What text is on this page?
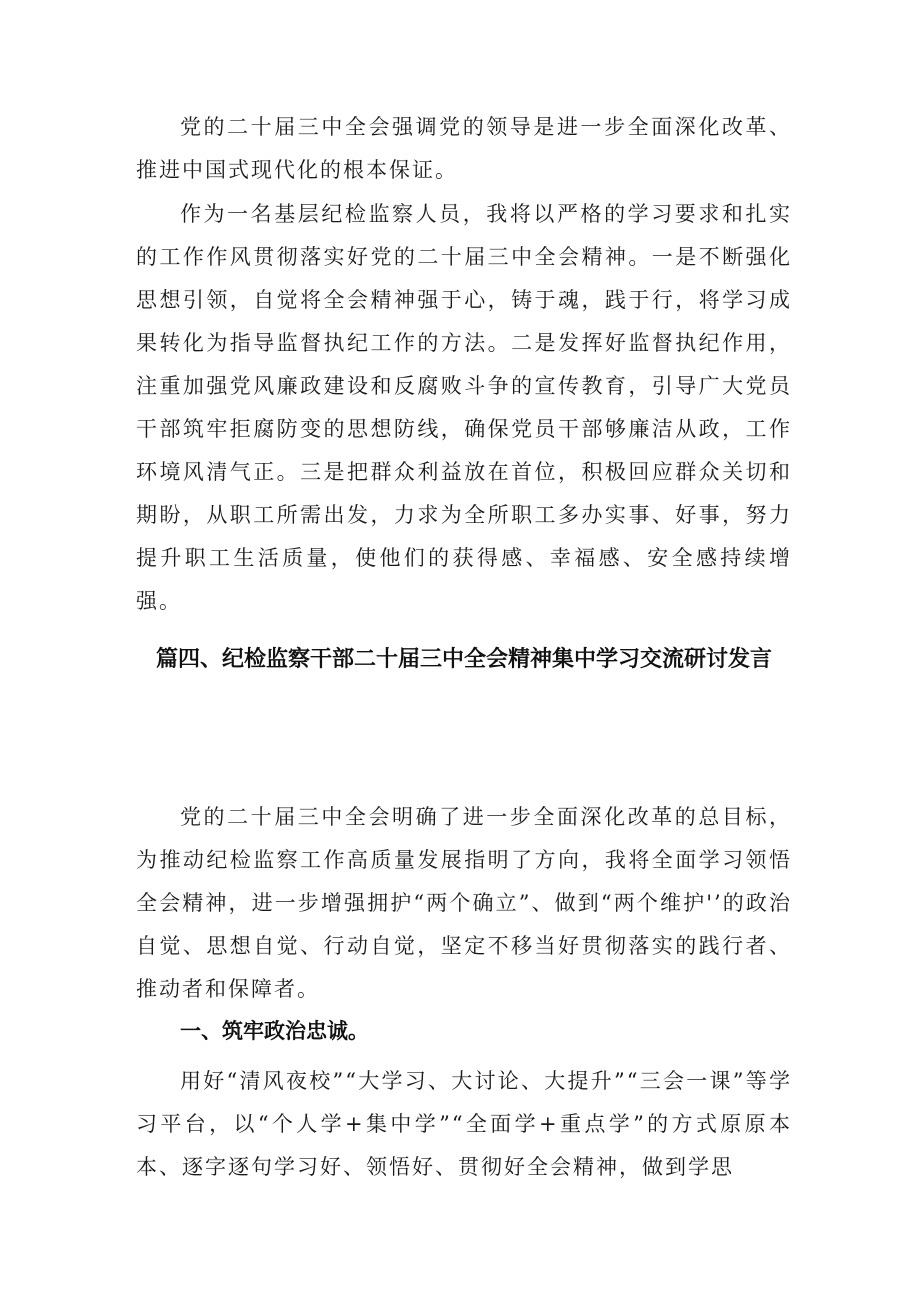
党的二十届三中全会强调党的领导是进一步全面深化改革、推进中国式现代化的根本保证。

作为一名基层纪检监察人员，我将以严格的学习要求和扎实的工作作风贯彻落实好党的二十届三中全会精神。一是不断强化思想引领，自觉将全会精神强于心，铸于魂，践于行，将学习成果转化为指导监督执纪工作的方法。二是发挥好监督执纪作用，注重加强党风廉政建设和反腐败斗争的宣传教育，引导广大党员干部筑牢拒腐防变的思想防线，确保党员干部够廉洁从政，工作环境风清气正。三是把群众利益放在首位，积极回应群众关切和期盼，从职工所需出发，力求为全所职工多办实事、好事，努力提升职工生活质量，使他们的获得感、幸福感、安全感持续增强。

篇四、纪检监察干部二十届三中全会精神集中学习交流研讨发言

党的二十届三中全会明确了进一步全面深化改革的总目标，为推动纪检监察工作高质量发展指明了方向，我将全面学习领悟全会精神，进一步增强拥护“两个确立”、做到“两个维护'’的政治自觉、思想自觉、行动自觉，坚定不移当好贯彻落实的践行者、推动者和保障者。

一、筑牢政治忠诚。

用好“清风夜校”“大学习、大讨论、大提升”“三会一课”等学习平台，以“个人学+集中学”“全面学+重点学”的方式原原本本、逐字逐句学习好、领悟好、贯彻好全会精神，做到学思
